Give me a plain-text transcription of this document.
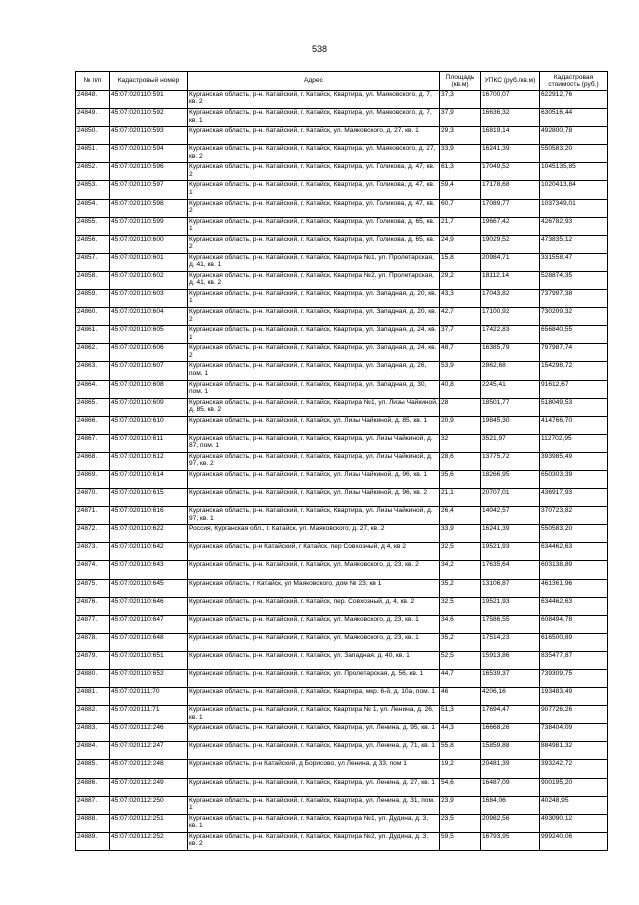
538
№ п/п	Кадастровый номер	Адрес	Площадь (кв.м)	УПКС (руб./кв.м)	Кадастровая стоимость (руб.)
24848.	45:07:020110:591	Курганская область, р-н. Катайский, г. Катайск, Квартира, ул. Маяковского, д. 7, кв. 2	37,3	16700,07	622912,76
24849.	45:07:020110:592	Курганская область, р-н. Катайский, г. Катайск, Квартира, ул. Маяковского, д. 7, кв. 1	37,9	16636,32	630516,44
24850.	45:07:020110:593	Курганская область, р-н. Катайский, г. Катайск, ул. Маяковского, д. 27, кв. 1	29,3	16819,14	492800,78
24851.	45:07:020110:594	Курганская область, р-н. Катайский, г. Катайск, Квартира, ул. Маяковского, д. 27, кв. 2	33,9	16241,39	550583,20
24852.	45:07:020110:596	Курганская область, р-н. Катайский, г. Катайск, Квартира, ул. Голикова, д. 47, кв. 2	61,3	17049,52	1045135,85
24853.	45:07:020110:597	Курганская область, р-н. Катайский, г. Катайск, Квартира, ул. Голикова, д. 47, кв. 1	59,4	17178,68	1020413,84
24854.	45:07:020110:598	Курганская область, р-н. Катайский, г. Катайск, Квартира, ул. Голикова, д. 47, кв. 2	60,7	17089,77	1037349,01
24855.	45:07:020110:599	Курганская область, р-н. Катайский, г. Катайск, Квартира, ул. Голикова, д. 65, кв. 1	21,7	19667,42	426782,93
24856.	45:07:020110:600	Курганская область, р-н. Катайский, г. Катайск, Квартира, ул. Голикова, д. 65, кв. 2	24,9	19029,52	473835,12
24857.	45:07:020110:601	Курганская область, р-н. Катайский, г. Катайск, Квартира №1, ул. Пролетарская, д. 41, кв. 1	15,8	20984,71	331558,47
24858.	45:07:020110:602	Курганская область, р-н. Катайский, г. Катайск, Квартира №2, ул. Пролетарская, д. 41, кв. 2	29,2	18112,14	528874,35
24859.	45:07:020110:603	Курганская область, р-н. Катайский, г. Катайск, Квартира, ул. Западная, д. 20, кв. 1	43,3	17043,82	737997,38
24860.	45:07:020110:604	Курганская область, р-н. Катайский, г. Катайск, Квартира, ул. Западная, д. 20, кв. 2	42,7	17100,92	730209,32
24861.	45:07:020110:605	Курганская область, р-н. Катайский, г. Катайск, Квартира, ул. Западная, д. 24, кв. 1	37,7	17422,83	656840,55
24862.	45:07:020110:606	Курганская область, р-н. Катайский, г. Катайск, Квартира, ул. Западная, д. 24, кв. 2	48,7	16385,79	797987,74
24863.	45:07:020110:607	Курганская область, р-н. Катайский, г. Катайск, Квартира, ул. Западная, д. 26, пом. 1	53,9	2862,68	154298,72
24864.	45:07:020110:608	Курганская область, р-н. Катайский, г. Катайск, Квартира, ул. Западная, д. 30, пом. 1	40,8	2245,41	91612,67
24865.	45:07:020110:609	Курганская область, р-н. Катайский, г. Катайск, Квартира №1, ул. Лизы Чайкиной, д. 85, кв. 2	28	18501,77	518049,53
24866.	45:07:020110:610	Курганская область, р-н. Катайский, г. Катайск, ул. Лизы Чайкиной, д. 85, кв. 1	20,9	19845,30	414766,70
24867.	45:07:020110:611	Курганская область, р-н. Катайский, г. Катайск, Квартира, ул. Лизы Чайкиной, д. 87, пом. 1	32	3521,97	112702,95
24868.	45:07:020110:612	Курганская область, р-н. Катайский, г. Катайск, Квартира, ул. Лизы Чайкиной, д. 97, кв. 2	28,6	13775,72	393985,49
24869.	45:07:020110:614	Курганская область, р-н. Катайский, г. Катайск, ул. Лизы Чайкиной, д. 96, кв. 1	35,6	18266,95	650303,39
24870.	45:07:020110:615	Курганская область, р-н. Катайский, г. Катайск, ул. Лизы Чайкиной, д. 96, кв. 2	21,1	20707,01	436917,93
24871.	45:07:020110:616	Курганская область, р-н. Катайский, г. Катайск, Квартира, ул. Лизы Чайкиной, д. 97, кв. 1	26,4	14042,57	370723,82
24872.	45:07:020110:622	Россия, Курганская обл., г. Катайск, ул. Маяковского, д. 27, кв. 2	33,9	16241,39	550583,20
24873.	45:07:020110:642	Курганская область, р-н Катайский, г Катайск, пер Совхозный, д 4, кв 2	32,5	19521,93	634462,63
24874.	45:07:020110:643	Курганская область, р-н. Катайский, г. Катайск, ул. Маяковского, д. 23, кв. 2	34,2	17635,64	603138,89
24875.	45:07:020110:645	Курганская область, г Катайск, ул Маяковского, дом № 23, кв 1	35,2	13106,87	461361,96
24876.	45:07:020110:646	Курганская область, р-н. Катайский, г. Катайск, пер. Совхозный, д. 4, кв. 2	32,5	19521,93	634462,63
24877.	45:07:020110:647	Курганская область, р-н. Катайский, г. Катайск, ул. Маяковского, д. 23, кв. 1	34,6	17586,55	608494,78
24878.	45:07:020110:648	Курганская область, р-н. Катайский, г. Катайск, ул. Маяковского, д. 23, кв. 1	35,2	17514,23	616500,89
24879.	45:07:020110:651	Курганская область, р-н. Катайский, г. Катайск, ул. Западная, д. 40, кв. 1	52,5	15913,86	835477,87
24880.	45:07:020110:652	Курганская область, р-н. Катайский, г. Катайск, ул. Пролетарская, д. 56, кв. 1	44,7	16539,37	739309,75
24881.	45:07:020111:70	Курганская область, р-н. Катайский, г. Катайск, Квартира, мкр. 6-й, д. 10а, пом. 1	46	4206,16	193483,49
24882.	45:07:020111:71	Курганская область, р-н. Катайский, г. Катайск, Квартира № 1, ул. Ленина, д. 26, кв. 1	51,3	17694,47	907726,26
24883.	45:07:020112:246	Курганская область, р-н. Катайский, г. Катайск, Квартира, ул. Ленина, д. 95, кв. 1	44,3	16668,26	738404,09
24884.	45:07:020112:247	Курганская область, р-н. Катайский, г. Катайск, Квартира, ул. Ленина, д. 71, кв. 1	55,8	15859,88	884981,32
24885.	45:07:020112:248	Курганская область, р-н Катайский, д Борисово, ул Ленина, д 33, пом 1	19,2	20481,39	393242,72
24886.	45:07:020112:249	Курганская область, р-н. Катайский, г. Катайск, Квартира, ул. Ленина, д. 27, кв. 1	54,6	16487,09	900195,20
24887.	45:07:020112:250	Курганская область, р-н. Катайский, г. Катайск, Квартира, ул. Ленина, д. 31, пом. 1	23,9	1684,06	40248,95
24888.	45:07:020112:251	Курганская область, р-н. Катайский, г. Катайск, Квартира №1, ул. Дудина, д. 3, кв. 1	23,5	20982,56	493090,12
24889.	45:07:020112:252	Курганская область, р-н. Катайский, г. Катайск, Квартира №2, ул. Дудина, д. 3, кв. 2	59,5	16793,95	999240,06
